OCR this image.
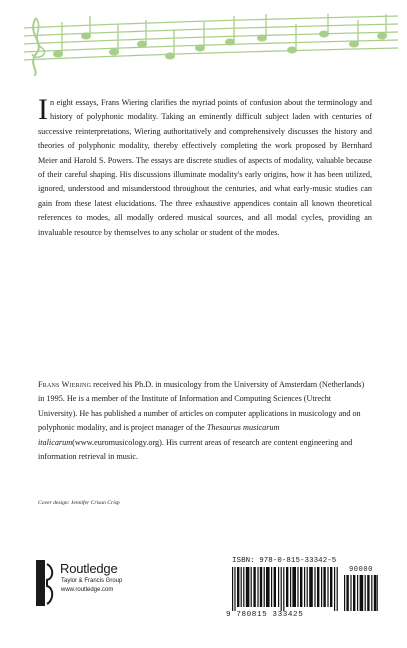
In eight essays, Frans Wiering clarifies the myriad points of confusion about the terminology and history of polyphonic modality. Taking an eminently difficult subject laden with centuries of successive reinterpretations, Wiering authoritatively and comprehensively discusses the history and theories of polyphonic modality, thereby effectively completing the work proposed by Bernhard Meier and Harold S. Powers. The essays are discrete studies of aspects of modality, valuable because of their careful shaping. His discussions illuminate modality's early origins, how it has been utilized, ignored, understood and misunderstood throughout the centuries, and what early-music studies can gain from these latest elucidations. The three exhaustive appendices contain all known theoretical references to modes, all modally ordered musical sources, and all modal cycles, providing an invaluable resource by themselves to any scholar or student of the modes.

Frans Wiering received his Ph.D. in musicology from the University of Amsterdam (Netherlands) in 1995. He is a member of the Institute of Information and Computing Sciences (Utrecht University). He has published a number of articles on computer applications in musicology and on polyphonic modality, and is project manager of the Thesaurus musicarum italicarum(www.euromusicology.org). His current areas of research are content engineering and information retrieval in music.

Cover design: Jennifer Crisan Crisp

Routledge
Taylor & Francis Group
www.routledge.com
ISBN: 978-0-815-33342-5
90000
9 780815 333425
